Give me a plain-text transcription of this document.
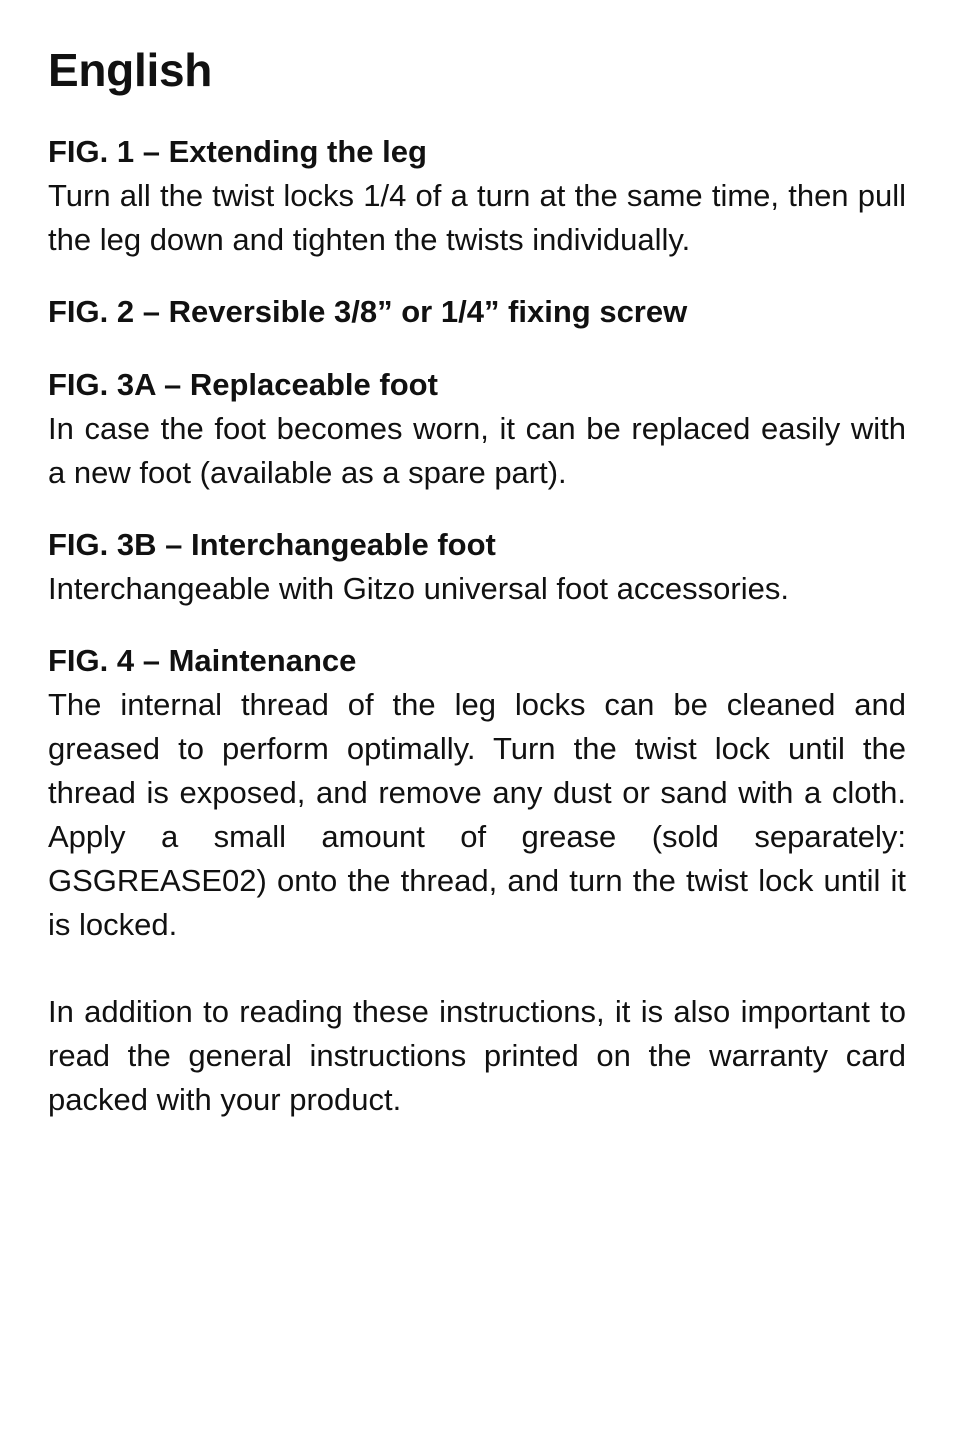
English
FIG. 1 – Extending the leg

Turn all the twist locks 1/4 of a turn at the same time, then pull the leg down and tighten the twists individually.

FIG. 2 – Reversible 3/8” or 1/4” fixing screw
FIG. 3A – Replaceable foot

In case the foot becomes worn, it can be replaced easily with a new foot (available as a spare part).

FIG. 3B – Interchangeable foot

Interchangeable with Gitzo universal foot accessories.

FIG. 4 – Maintenance

The internal thread of the leg locks can be cleaned and greased to perform optimally. Turn the twist lock until the thread is exposed, and remove any dust or sand with a cloth. Apply a small amount of grease (sold separately: GSGREASE02) onto the thread, and turn the twist lock until it is locked.

In addition to reading these instructions, it is also important to read the general instructions printed on the warranty card packed with your product.
